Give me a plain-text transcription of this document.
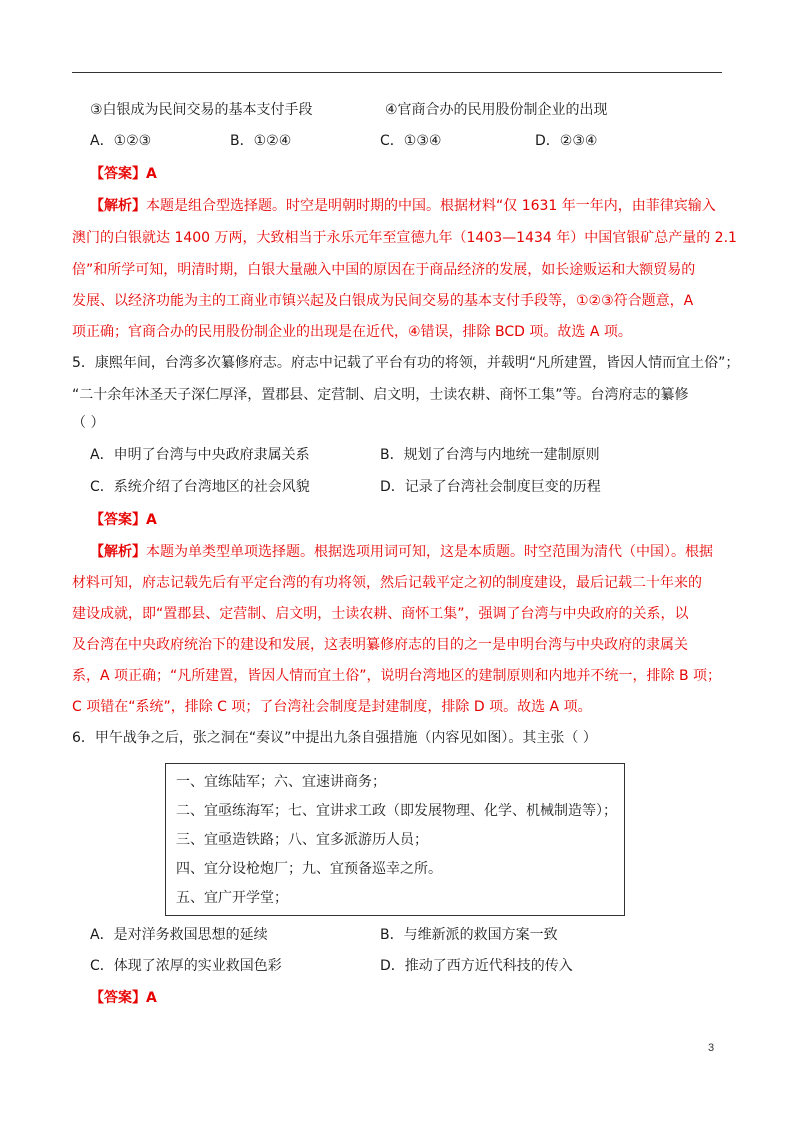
③白银成为民间交易的基本支付手段	④官商合办的民用股份制企业的出现
A．①②③	B．①②④	C．①③④	D．②③④
【答案】A
【解析】本题是组合型选择题。时空是明朝时期的中国。根据材料“仅 1631 年一年内，由菲律宾输入
澳门的白银就达 1400 万两，大致相当于永乐元年至宣德九年（1403—1434 年）中国官银矿总产量的 2.1
倍”和所学可知，明清时期，白银大量融入中国的原因在于商品经济的发展，如长途贩运和大额贸易的
发展、以经济功能为主的工商业市镇兴起及白银成为民间交易的基本支付手段等，①②③符合题意，A
项正确；官商合办的民用股份制企业的出现是在近代，④错误，排除 BCD 项。故选 A 项。
5．康熙年间，台湾多次纂修府志。府志中记载了平台有功的将领，并载明“凡所建置，皆因人情而宜土俗”；
“二十余年沐圣天子深仁厚泽，置郡县、定营制、启文明，士读农耕、商怀工集”等。台湾府志的纂修
（ ）
A．申明了台湾与中央政府隶属关系	B．规划了台湾与内地统一建制原则
C．系统介绍了台湾地区的社会风貌	D．记录了台湾社会制度巨变的历程
【答案】A
【解析】本题为单类型单项选择题。根据选项用词可知，这是本质题。时空范围为清代（中国）。根据
材料可知，府志记载先后有平定台湾的有功将领，然后记载平定之初的制度建设，最后记载二十年来的
建设成就，即“置郡县、定营制、启文明，士读农耕、商怀工集”，强调了台湾与中央政府的关系，以
及台湾在中央政府统治下的建设和发展，这表明纂修府志的目的之一是申明台湾与中央政府的隶属关
系，A 项正确；“凡所建置，皆因人情而宜土俗”，说明台湾地区的建制原则和内地并不统一，排除 B 项；
C 项错在“系统”，排除 C 项；了台湾社会制度是封建制度，排除 D 项。故选 A 项。
6．甲午战争之后，张之洞在“奏议”中提出九条自强措施（内容见如图）。其主张（ ）
一、宜练陆军；六、宜速讲商务；
二、宜亟练海军；七、宜讲求工政（即发展物理、化学、机械制造等）；
三、宜亟造铁路；八、宜多派游历人员；
四、宜分设枪炮厂；九、宜预备巡幸之所。
五、宜广开学堂；
A．是对洋务救国思想的延续	B．与维新派的救国方案一致
C．体现了浓厚的实业救国色彩	D．推动了西方近代科技的传入
【答案】A
3
